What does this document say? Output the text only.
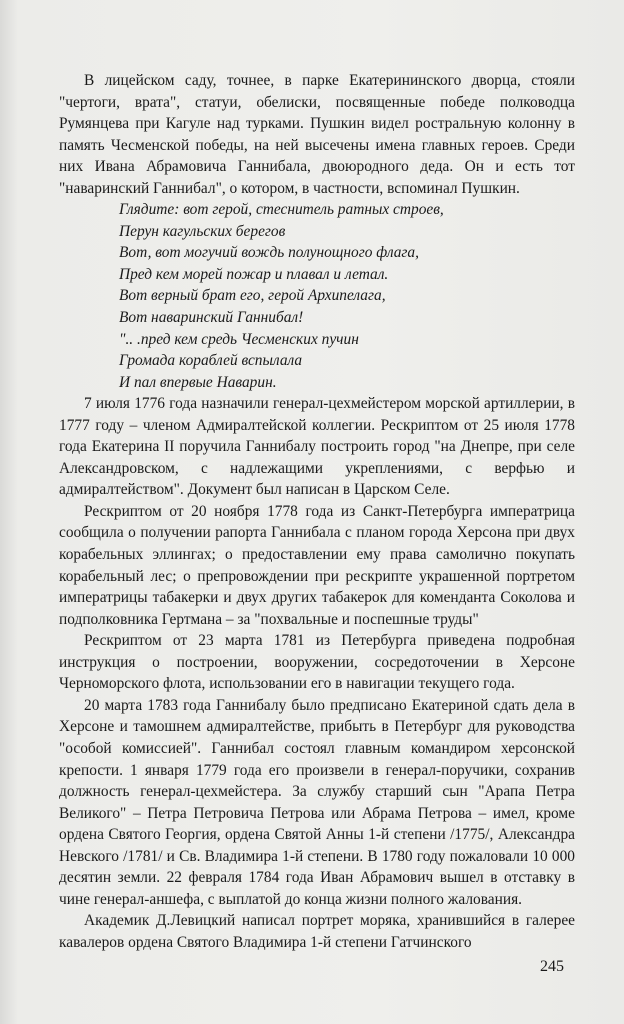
В лицейском саду, точнее, в парке Екатерининского дворца, стояли "чертоги, врата", статуи, обелиски, посвященные победе полководца Румянцева при Кагуле над турками. Пушкин видел ростральную колонну в память Чесменской победы, на ней высечены имена главных героев. Среди них Ивана Абрамовича Ганнибала, двоюродного деда. Он и есть тот "наваринский Ганнибал", о котором, в частности, вспоминал Пушкин.

Глядите: вот герой, стеснитель ратных строев,
Перун кагульских берегов
Вот, вот могучий вождь полунощного флага,
Пред кем морей пожар и плавал и летал.
Вот верный брат его, герой Архипелага,
Вот наваринский Ганнибал!
".. .пред кем средь Чесменских пучин
Громада кораблей вспылала
И пал впервые Наварин.

7 июля 1776 года назначили генерал-цехмейстером морской артиллерии, в 1777 году – членом Адмиралтейской коллегии. Рескриптом от 25 июля 1778 года Екатерина II поручила Ганнибалу построить город "на Днепре, при селе Александровском, с надлежащими укреплениями, с верфью и адмиралтейством". Документ был написан в Царском Селе.

Рескриптом от 20 ноября 1778 года из Санкт-Петербурга императрица сообщила о получении рапорта Ганнибала с планом города Херсона при двух корабельных эллингах; о предоставлении ему права самолично покупать корабельный лес; о препровождении при рескрипте украшенной портретом императрицы табакерки и двух других табакерок для коменданта Соколова и подполковника Гертмана – за "похвальные и поспешные труды"

Рескриптом от 23 марта 1781 из Петербурга приведена подробная инструкция о построении, вооружении, сосредоточении в Херсоне Черноморского флота, использовании его в навигации текущего года.

20 марта 1783 года Ганнибалу было предписано Екатериной сдать дела в Херсоне и тамошнем адмиралтействе, прибыть в Петербург для руководства "особой комиссией". Ганнибал состоял главным командиром херсонской крепости. 1 января 1779 года его произвели в генерал-поручики, сохранив должность генерал-цехмейстера. За службу старший сын "Арапа Петра Великого" – Петра Петровича Петрова или Абрама Петрова – имел, кроме ордена Святого Георгия, ордена Святой Анны 1-й степени /1775/, Александра Невского /1781/ и Св. Владимира 1-й степени. В 1780 году пожаловали 10 000 десятин земли. 22 февраля 1784 года Иван Абрамович вышел в отставку в чине генерал-аншефа, с выплатой до конца жизни полного жалования.

Академик Д.Левицкий написал портрет моряка, хранившийся в галерее кавалеров ордена Святого Владимира 1-й степени Гатчинского

245
